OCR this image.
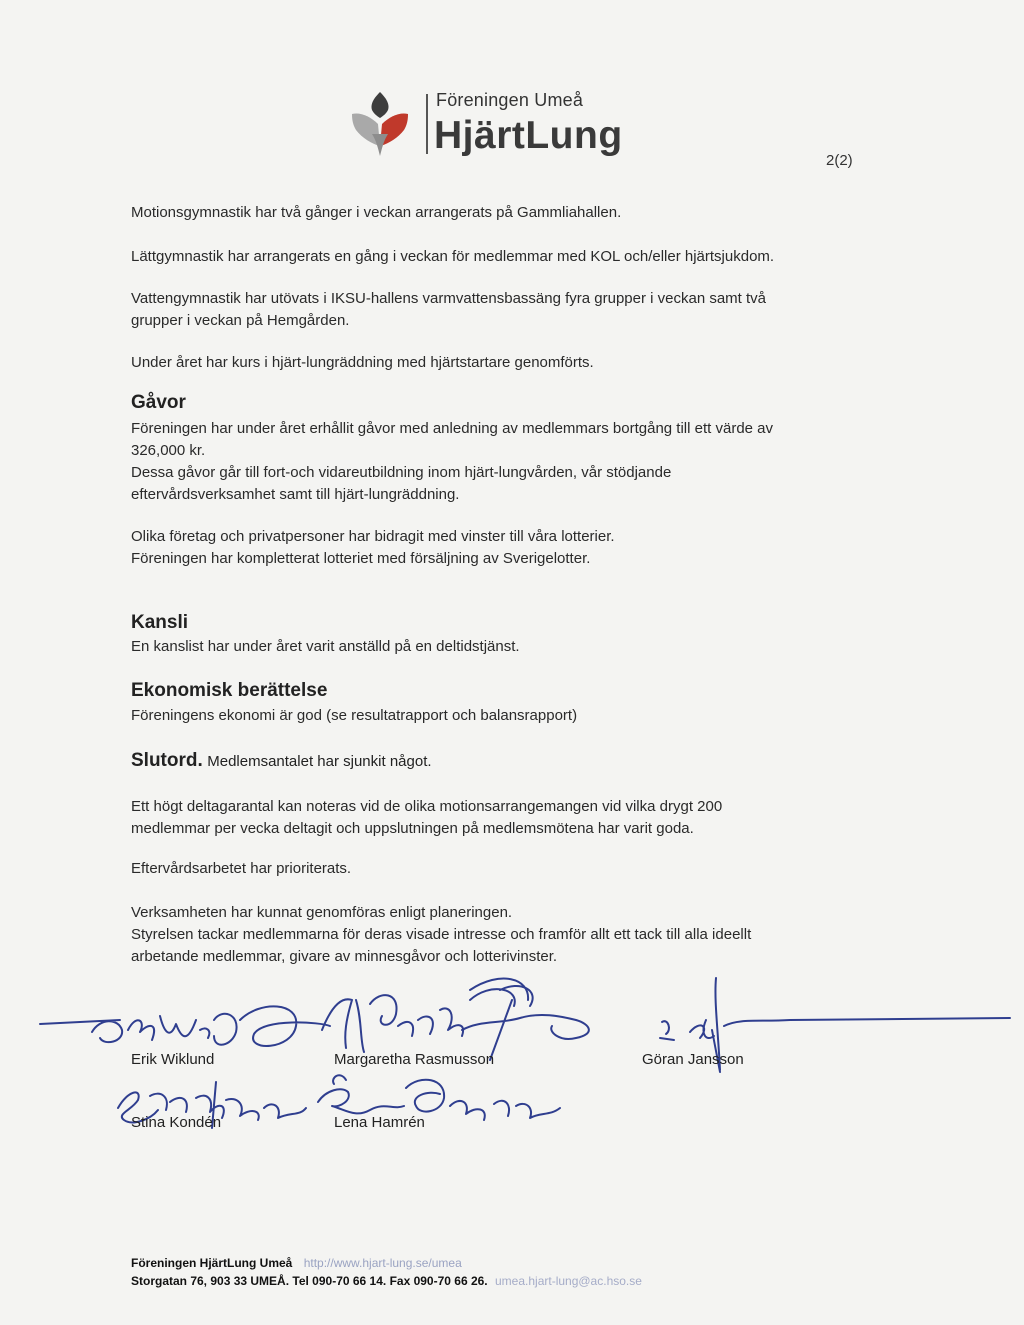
Föreningen Umeå
HjärtLung
2(2)

Motionsgymnastik har två gånger i veckan arrangerats på Gammliahallen.

Lättgymnastik har arrangerats en gång i veckan för medlemmar med KOL och/eller hjärtsjukdom.

Vattengymnastik har utövats i IKSU-hallens varmvattensbassäng fyra grupper i veckan samt två

grupper i veckan på Hemgården.

Under året har kurs i hjärt-lungräddning med hjärtstartare genomförts.

Gåvor

Föreningen har under året erhållit gåvor med anledning av medlemmars bortgång till ett värde av

326,000 kr.

Dessa gåvor går till fort-och vidareutbildning inom hjärt-lungvården, vår stödjande

eftervårdsverksamhet samt till hjärt-lungräddning.

Olika företag och privatpersoner har bidragit med vinster till våra lotterier.

Föreningen har kompletterat lotteriet med försäljning av Sverigelotter.

Kansli

En kanslist har under året varit anställd på en deltidstjänst.

Ekonomisk berättelse

Föreningens ekonomi är god (se resultatrapport och balansrapport)

Slutord. Medlemsantalet har sjunkit något.

Ett högt deltagarantal kan noteras vid de olika motionsarrangemangen vid vilka drygt 200

medlemmar per vecka deltagit och uppslutningen på medlemsmötena har varit goda.

Eftervårdsarbetet har prioriterats.

Verksamheten har kunnat genomföras enligt planeringen.

Styrelsen tackar medlemmarna för deras visade intresse och framför allt ett tack till alla ideellt

arbetande medlemmar, givare av minnesgåvor och lotterivinster.

Erik Wiklund	Margaretha Rasmusson	Göran Jansson
Stina Kondén	Lena Hamrén
Föreningen HjärtLung Umeå http://www.hjart-lung.se/umea
Storgatan 76, 903 33 UMEÅ. Tel 090-70 66 14. Fax 090-70 66 26. umea.hjart-lung@ac.hso.se
